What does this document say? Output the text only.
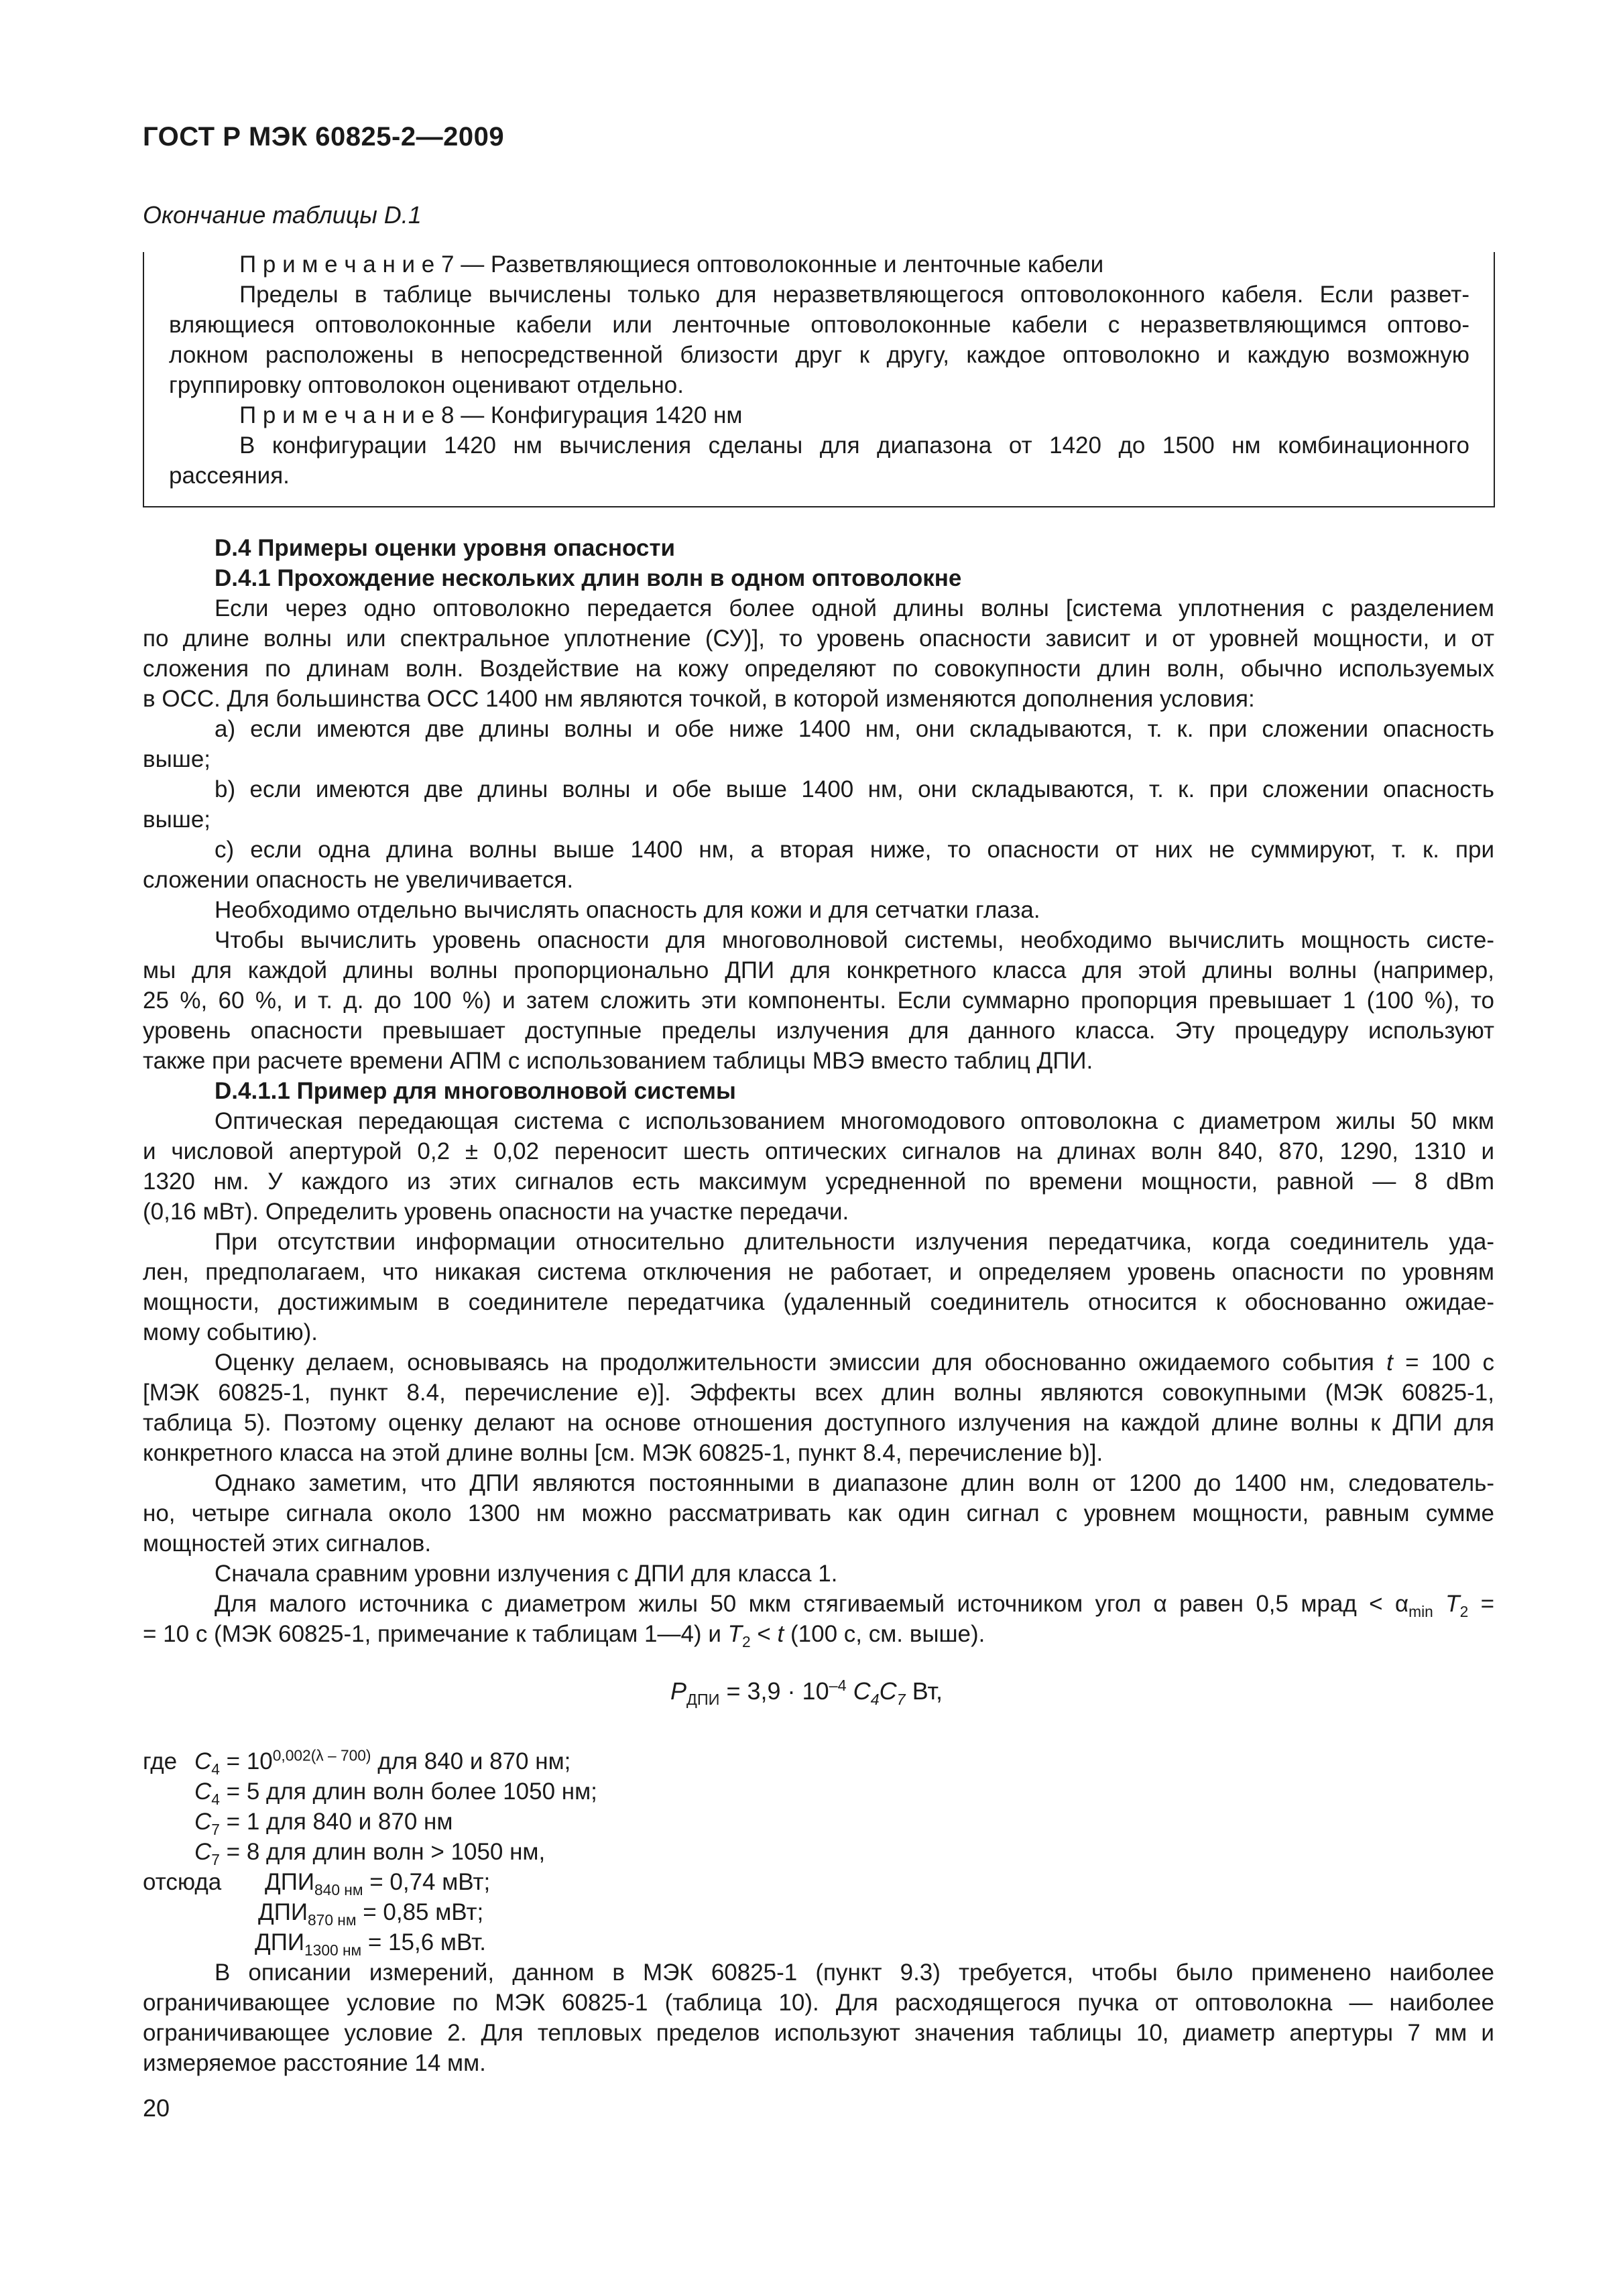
ГОСТ Р МЭК 60825-2—2009
Окончание таблицы D.1
П р и м е ч а н и е 7 — Разветвляющиеся оптоволоконные и ленточные кабели
Пределы в таблице вычислены только для неразветвляющегося оптоволоконного кабеля. Если развет-
вляющиеся оптоволоконные кабели или ленточные оптоволоконные кабели с неразветвляющимся оптово-
локном расположены в непосредственной близости друг к другу, каждое оптоволокно и каждую возможную
группировку оптоволокон оценивают отдельно.
П р и м е ч а н и е 8 — Конфигурация 1420 нм
В конфигурации 1420 нм вычисления сделаны для диапазона от 1420 до 1500 нм комбинационного
рассеяния.
D.4 Примеры оценки уровня опасности
D.4.1 Прохождение нескольких длин волн в одном оптоволокне
Если через одно оптоволокно передается более одной длины волны [система уплотнения с разделением
по длине волны или спектральное уплотнение (СУ)], то уровень опасности зависит и от уровней мощности, и от
сложения по длинам волн. Воздействие на кожу определяют по совокупности длин волн, обычно используемых
в ОСС. Для большинства ОСС 1400 нм являются точкой, в которой изменяются дополнения условия:
a) если имеются две длины волны и обе ниже 1400 нм, они складываются, т. к. при сложении опасность
выше;
b) если имеются две длины волны и обе выше 1400 нм, они складываются, т. к. при сложении опасность
выше;
c) если одна длина волны выше 1400 нм, а вторая ниже, то опасности от них не суммируют, т. к. при
сложении опасность не увеличивается.
Необходимо отдельно вычислять опасность для кожи и для сетчатки глаза.
Чтобы вычислить уровень опасности для многоволновой системы, необходимо вычислить мощность систе-
мы для каждой длины волны пропорционально ДПИ для конкретного класса для этой длины волны (например,
25 %, 60 %, и т. д. до 100 %) и затем сложить эти компоненты. Если суммарно пропорция превышает 1 (100 %), то
уровень опасности превышает доступные пределы излучения для данного класса. Эту процедуру используют
также при расчете времени АПМ с использованием таблицы МВЭ вместо таблиц ДПИ.
D.4.1.1 Пример для многоволновой системы
Оптическая передающая система с использованием многомодового оптоволокна с диаметром жилы 50 мкм
и числовой апертурой 0,2 ± 0,02 переносит шесть оптических сигналов на длинах волн 840, 870, 1290, 1310 и
1320 нм. У каждого из этих сигналов есть максимум усредненной по времени мощности, равной — 8 dBm
(0,16 мВт). Определить уровень опасности на участке передачи.
При отсутствии информации относительно длительности излучения передатчика, когда соединитель уда-
лен, предполагаем, что никакая система отключения не работает, и определяем уровень опасности по уровням
мощности, достижимым в соединителе передатчика (удаленный соединитель относится к обоснованно ожидае-
мому событию).
Оценку делаем, основываясь на продолжительности эмиссии для обоснованно ожидаемого события t = 100 с
[МЭК 60825-1, пункт 8.4, перечисление e)]. Эффекты всех длин волны являются совокупными (МЭК 60825-1,
таблица 5). Поэтому оценку делают на основе отношения доступного излучения на каждой длине волны к ДПИ для
конкретного класса на этой длине волны [см. МЭК 60825-1, пункт 8.4, перечисление b)].
Однако заметим, что ДПИ являются постоянными в диапазоне длин волн от 1200 до 1400 нм, следователь-
но, четыре сигнала около 1300 нм можно рассматривать как один сигнал с уровнем мощности, равным сумме
мощностей этих сигналов.
Сначала сравним уровни излучения с ДПИ для класса 1.
Для малого источника с диаметром жилы 50 мкм стягиваемый источником угол α равен 0,5 мрад < $\alpha_{min}$ $T_2$ =
= 10 с (МЭК 60825-1, примечание к таблицам 1—4) и $T_2 < t$ (100 с, см. выше).
$P_{ДПИ} = 3,9 \cdot 10^{-4}$ $C_4C_7$ Вт,
где $C_4 = 10^{0,002(\lambda - 700)}$ для 840 и 870 нм;
$C_4 = 5$ для длин волн более 1050 нм;
$C_7 = 1$ для 840 и 870 нм
$C_7 = 8$ для длин волн > 1050 нм,
отсюда $ДПИ_{840 нм} = 0,74$ мВт;
$ДПИ_{870 нм} = 0,85$ мВт;
$ДПИ_{1300 нм} = 15,6$ мВт.
В описании измерений, данном в МЭК 60825-1 (пункт 9.3) требуется, чтобы было применено наиболее
ограничивающее условие по МЭК 60825-1 (таблица 10). Для расходящегося пучка от оптоволокна — наиболее
ограничивающее условие 2. Для тепловых пределов используют значения таблицы 10, диаметр апертуры 7 мм и
измеряемое расстояние 14 мм.
20
